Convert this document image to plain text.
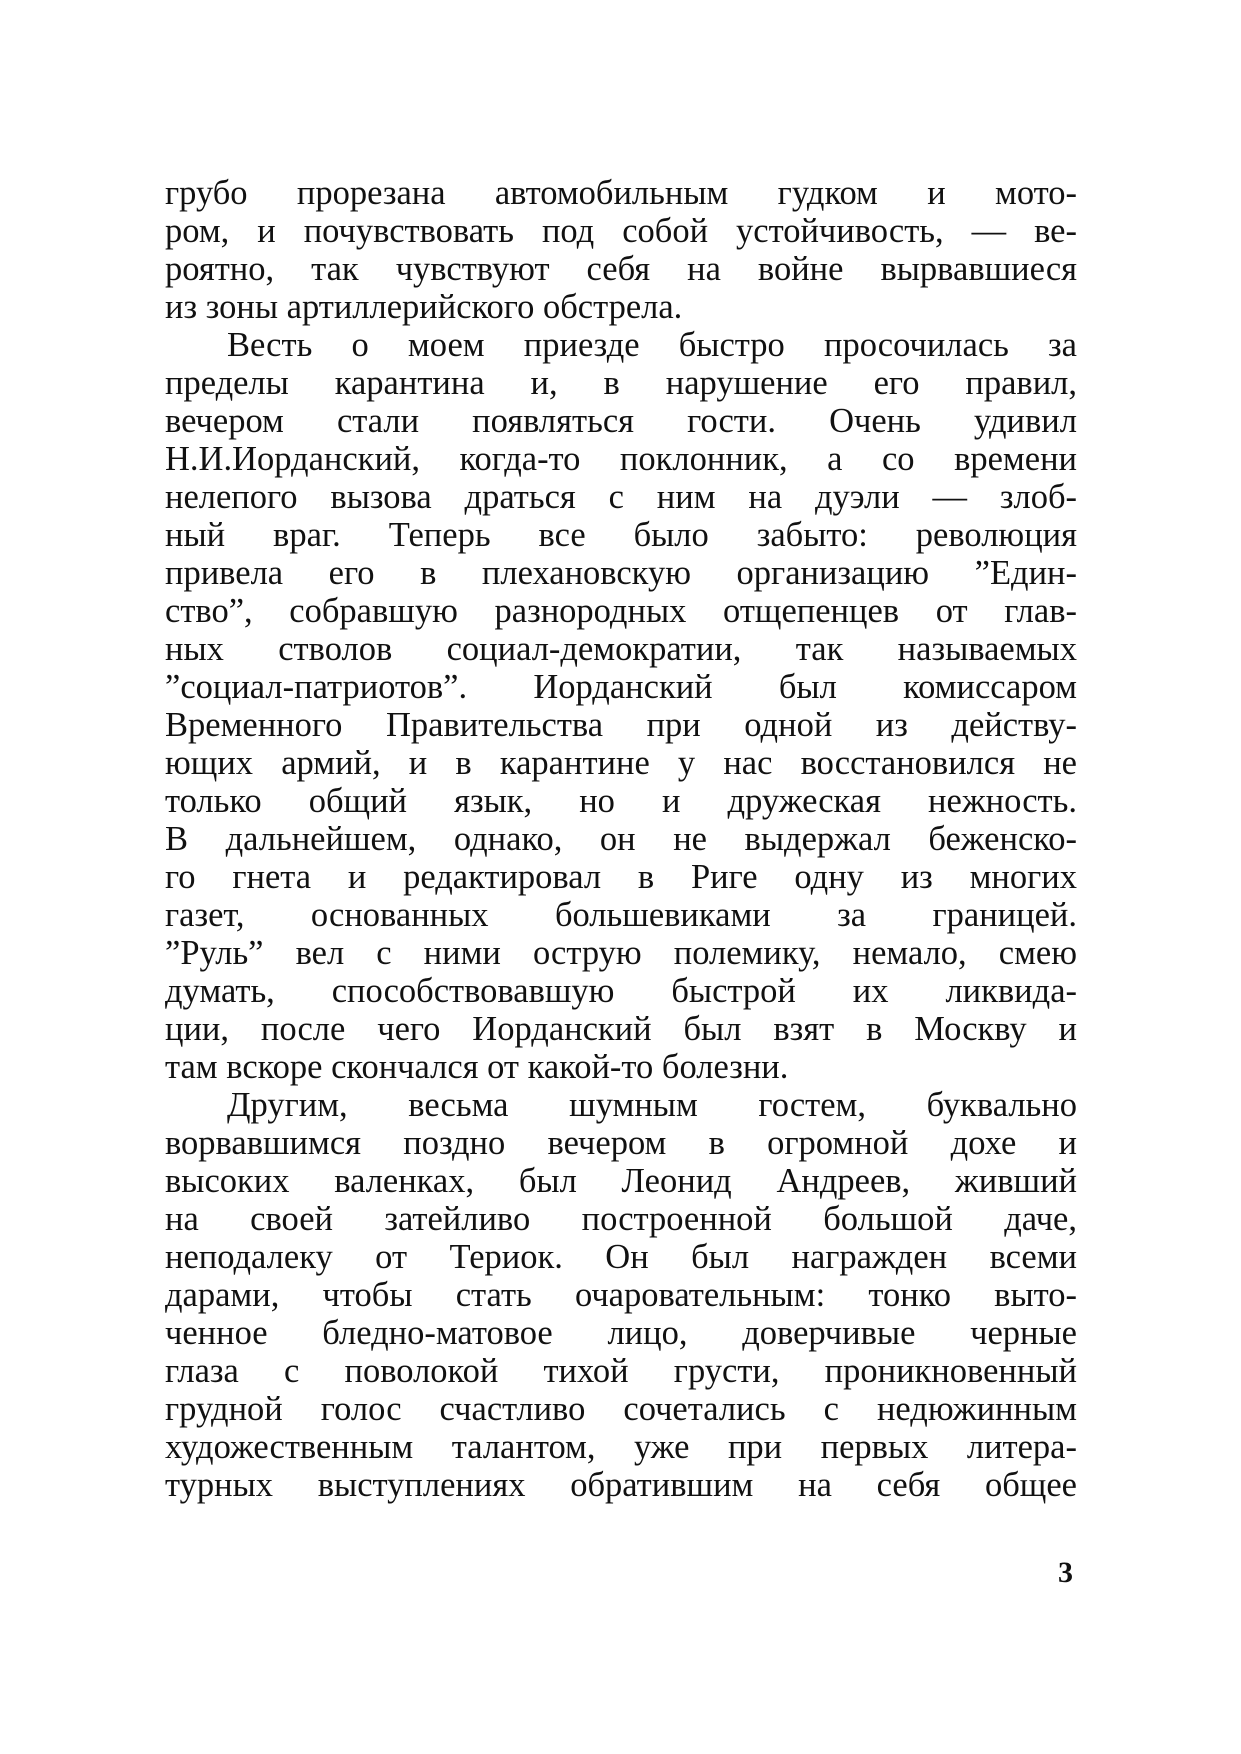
грубо прорезана автомобильным гудком и мото-
ром, и почувствовать под собой устойчивость, — ве-
роятно, так чувствуют себя на войне вырвавшиеся
из зоны артиллерийского обстрела.
Весть о моем приезде быстро просочилась за
пределы карантина и, в нарушение его правил,
вечером стали появляться гости. Очень удивил
Н.И.Иорданский, когда-то поклонник, а со времени
нелепого вызова драться с ним на дуэли — злоб-
ный враг. Теперь все было забыто: революция
привела его в плехановскую организацию ”Един-
ство”, собравшую разнородных отщепенцев от глав-
ных стволов социал-демократии, так называемых
”социал-патриотов”. Иорданский был комиссаром
Временного Правительства при одной из действу-
ющих армий, и в карантине у нас восстановился не
только общий язык, но и дружеская нежность.
В дальнейшем, однако, он не выдержал беженско-
го гнета и редактировал в Риге одну из многих
газет, основанных большевиками за границей.
”Руль” вел с ними острую полемику, немало, смею
думать, способствовавшую быстрой их ликвида-
ции, после чего Иорданский был взят в Москву и
там вскоре скончался от какой-то болезни.
Другим, весьма шумным гостем, буквально
ворвавшимся поздно вечером в огромной дохе и
высоких валенках, был Леонид Андреев, живший
на своей затейливо построенной большой даче,
неподалеку от Териок. Он был награжден всеми
дарами, чтобы стать очаровательным: тонко выто-
ченное бледно-матовое лицо, доверчивые черные
глаза с поволокой тихой грусти, проникновенный
грудной голос счастливо сочетались с недюжинным
художественным талантом, уже при первых литера-
турных выступлениях обратившим на себя общее
3
